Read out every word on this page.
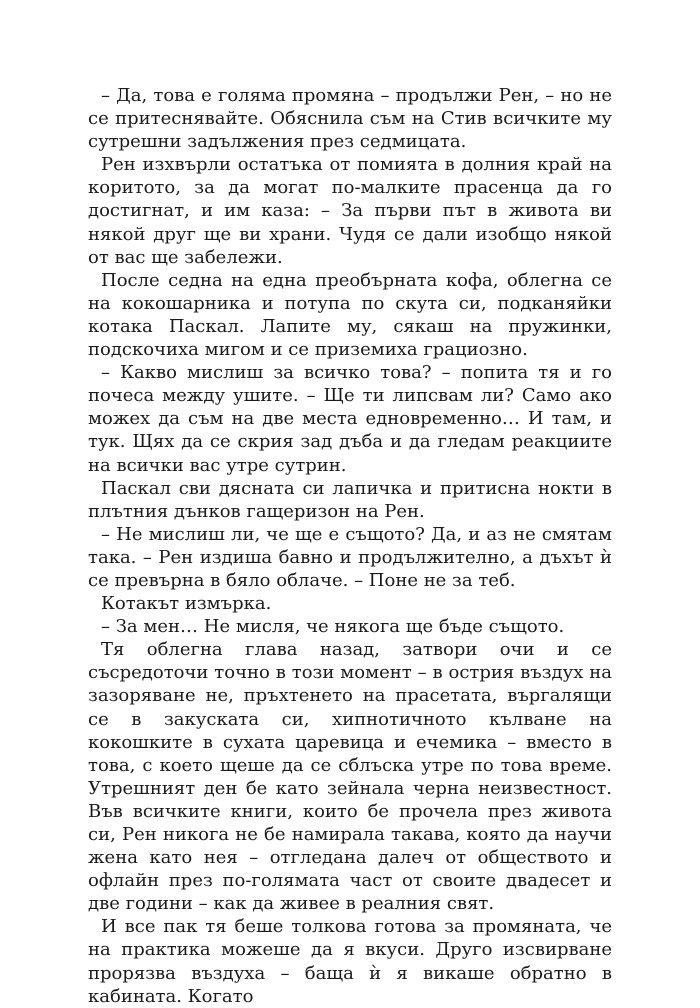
– Да, това е голяма промяна – продължи Рен, – но не се притеснявайте. Обяснила съм на Стив всичките му сутрешни задължения през седмицата.

Рен изхвърли остатъка от помията в долния край на коритото, за да могат по-малките прасенца да го достигнат, и им каза: – За първи път в живота ви някой друг ще ви храни. Чудя се дали изобщо някой от вас ще забележи.

После седна на една преобърната кофа, облегна се на кокошарника и потупа по скута си, подканяйки котака Паскал. Лапите му, сякаш на пружинки, подскочиха мигом и се приземиха грациозно.

– Какво мислиш за всичко това? – попита тя и го почеса между ушите. – Ще ти липсвам ли? Само ако можех да съм на две места едновременно… И там, и тук. Щях да се скрия зад дъба и да гледам реакциите на всички вас утре сутрин.

Паскал сви дясната си лапичка и притисна нокти в плътния дънков гащеризон на Рен.

– Не мислиш ли, че ще е същото? Да, и аз не смятам така. – Рен издиша бавно и продължително, а дъхът ѝ се превърна в бяло облаче. – Поне не за теб.

Котакът измърка.

– За мен… Не мисля, че някога ще бъде същото.

Тя облегна глава назад, затвори очи и се съсредоточи точно в този момент – в острия въздух на зазоряване не, пръхтенето на прасетата, въргалящи се в закуската си, хипнотичното кълване на кокошките в сухата царевица и ечемика – вместо в това, с което щеше да се сблъска утре по това време. Утрешният ден бе като зейнала черна неизвестност. Във всичките книги, които бе прочела през живота си, Рен никога не бе намирала такава, която да научи жена като нея – отгледана далеч от обществото и офлайн през по-голямата част от своите двадесет и две години – как да живее в реалния свят.

И все пак тя беше толкова готова за промяната, че на практика можеше да я вкуси. Друго изсвирване прорязва въздуха – баща ѝ я викаше обратно в кабината. Когато
